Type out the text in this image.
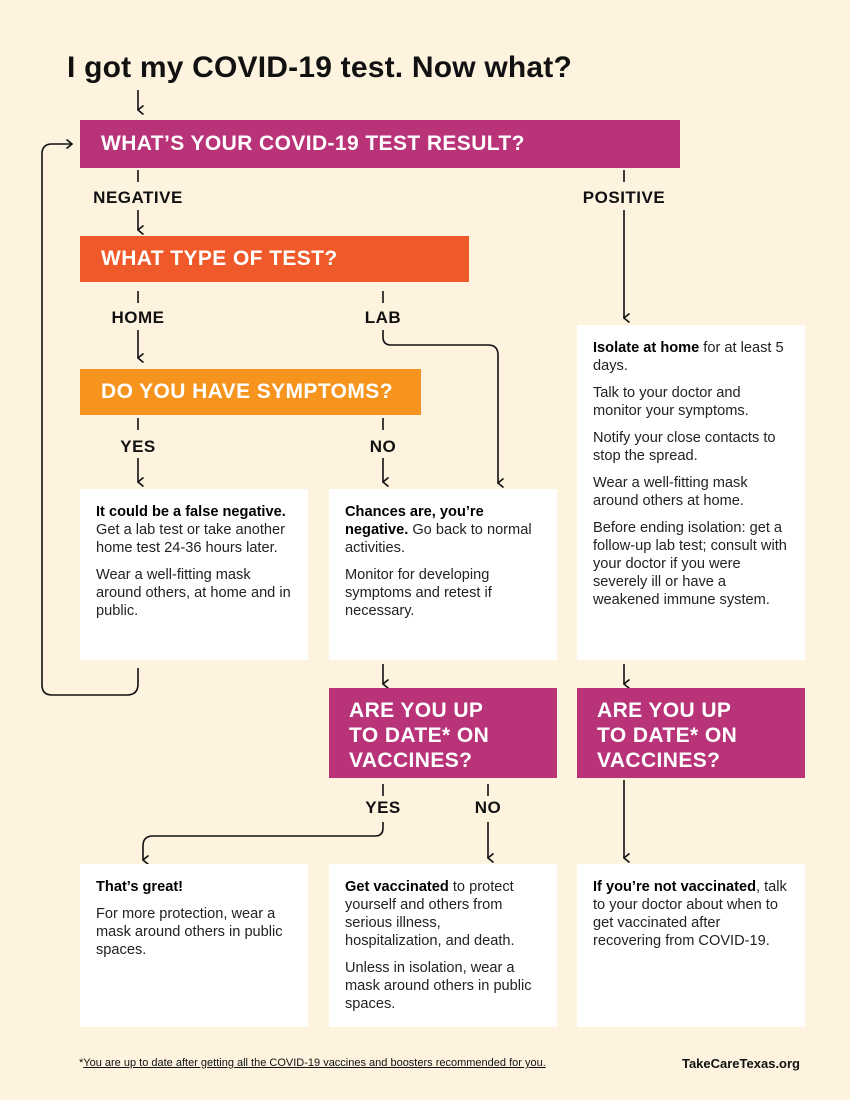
I got my COVID-19 test. Now what?
WHAT’S YOUR COVID-19 TEST RESULT?
WHAT TYPE OF TEST?
DO YOU HAVE SYMPTOMS?
ARE YOU UP
TO DATE* ON
VACCINES?
ARE YOU UP
TO DATE* ON
VACCINES?
NEGATIVE	POSITIVE
HOME	LAB
YES	NO
YES	NO

It could be a false negative. Get a lab test or take another home test 24-36 hours later.

Wear a well-fitting mask around others, at home and in public.

Chances are, you’re negative. Go back to normal activities.

Monitor for developing symptoms and retest if necessary.

Isolate at home for at least 5 days.

Talk to your doctor and monitor your symptoms.

Notify your close contacts to stop the spread.

Wear a well-fitting mask around others at home.

Before ending isolation: get a follow-up lab test; consult with your doctor if you were severely ill or have a weakened immune system.

That’s great!

For more protection, wear a mask around others in public spaces.

Get vaccinated to protect yourself and others from serious illness, hospitalization, and death.

Unless in isolation, wear a mask around others in public spaces.

If you’re not vaccinated, talk to your doctor about when to get vaccinated after recovering from COVID-19.

*You are up to date after getting all the COVID-19 vaccines and boosters recommended for you.	TakeCareTexas.org
